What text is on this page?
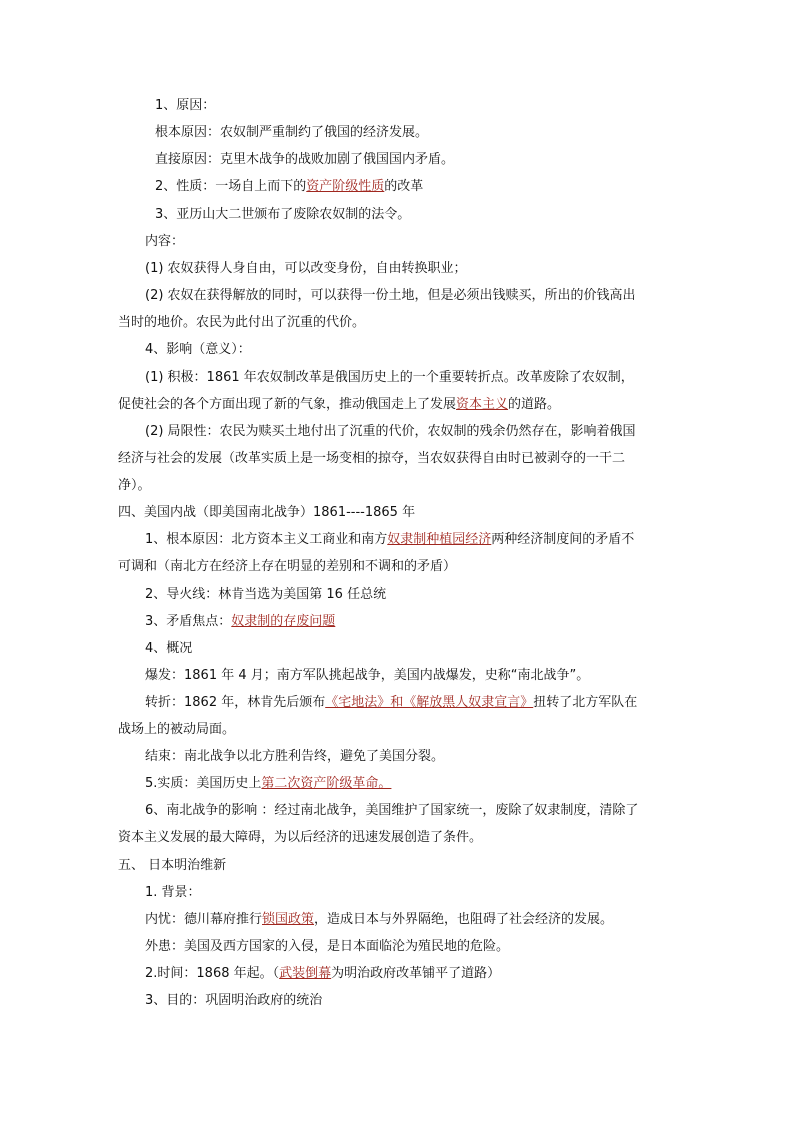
1、原因：
根本原因：农奴制严重制约了俄国的经济发展。
直接原因：克里木战争的战败加剧了俄国国内矛盾。
2、性质：一场自上而下的资产阶级性质的改革
3、亚历山大二世颁布了废除农奴制的法令。
内容：
(1) 农奴获得人身自由，可以改变身份，自由转换职业；
(2) 农奴在获得解放的同时，可以获得一份土地，但是必须出钱赎买，所出的价钱高出
当时的地价。农民为此付出了沉重的代价。
4、影响（意义）：
(1) 积极：1861 年农奴制改革是俄国历史上的一个重要转折点。改革废除了农奴制，
促使社会的各个方面出现了新的气象，推动俄国走上了发展资本主义的道路。
(2) 局限性：农民为赎买土地付出了沉重的代价，农奴制的残余仍然存在，影响着俄国
经济与社会的发展（改革实质上是一场变相的掠夺，当农奴获得自由时已被剥夺的一干二
净）。
四、美国内战（即美国南北战争）1861----1865 年
1、根本原因：北方资本主义工商业和南方奴隶制种植园经济两种经济制度间的矛盾不
可调和（南北方在经济上存在明显的差别和不调和的矛盾）
2、导火线：林肯当选为美国第 16 任总统
3、矛盾焦点：奴隶制的存废问题
4、概况
爆发：1861 年 4 月；南方军队挑起战争，美国内战爆发，史称“南北战争”。
转折：1862 年，林肯先后颁布《宅地法》和《解放黑人奴隶宣言》扭转了北方军队在
战场上的被动局面。
结束：南北战争以北方胜利告终，避免了美国分裂。
5.实质：美国历史上第二次资产阶级革命。
6、南北战争的影响 ：经过南北战争，美国维护了国家统一，废除了奴隶制度，清除了
资本主义发展的最大障碍，为以后经济的迅速发展创造了条件。
五、 日本明治维新
1. 背景：
内忧：德川幕府推行锁国政策，造成日本与外界隔绝，也阻碍了社会经济的发展。
外患：美国及西方国家的入侵，是日本面临沦为殖民地的危险。
2.时间：1868 年起。（武装倒幕为明治政府改革铺平了道路）
3、目的：巩固明治政府的统治
